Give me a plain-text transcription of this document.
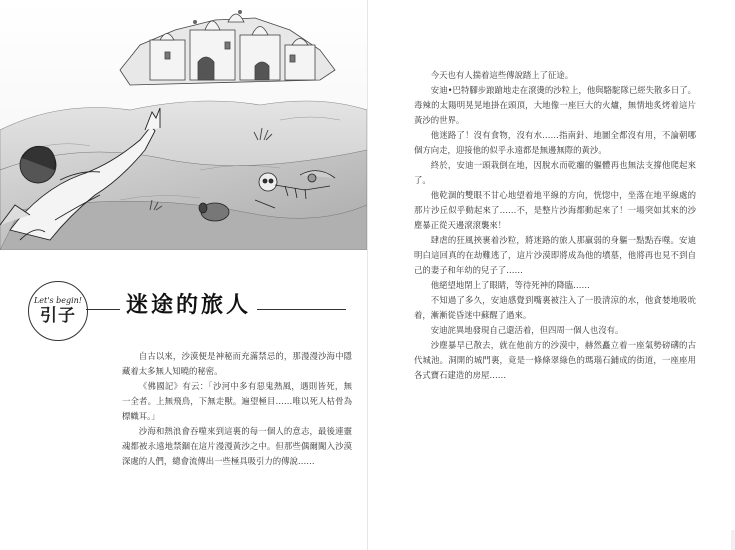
Let's begin!
引子 迷途的旅人

自古以來，沙漠便是神秘而充滿禁忌的，那漫漫沙海中隱藏着太多無人知曉的秘密。

《佛國記》有云：「沙河中多有惡鬼熱風，遇則皆死，無一全者。上無飛鳥，下無走獸。遍望極目……唯以死人枯骨為標幟耳。」

沙海和熱浪會吞噬來到這裏的每一個人的意志，最後連靈魂都被永遠地禁錮在這片漫漫黃沙之中。但那些偶爾闖入沙漠深處的人們，總會流傳出一些極具吸引力的傳說……

今天也有人揣着這些傳說踏上了征途。

安迪•巴特腳步踉蹌地走在滾燙的沙粒上，他與駱駝隊已經失散多日了。毒辣的太陽明晃晃地掛在頭頂，大地像一座巨大的火爐，無情地炙烤着這片黃沙的世界。

他迷路了！沒有食物，沒有水……指南針、地圖全都沒有用，不論朝哪個方向走，迎接他的似乎永遠都是無邊無際的黃沙。

終於，安迪一頭栽倒在地，因脫水而乾癟的軀體再也無法支撐他爬起來了。

他乾涸的雙眼不甘心地望着地平線的方向，恍惚中，坐落在地平線處的那片沙丘似乎動起來了……不，是整片沙海都動起來了！一場突如其來的沙塵暴正從天邊滾滾襲來！

肆虐的狂風挾裹着沙粒，將迷路的旅人那羸弱的身軀一點點吞噬。安迪明白這回真的在劫難逃了，這片沙漠即將成為他的墳墓，他將再也見不到自己的妻子和年幼的兒子了……

他絕望地閉上了眼睛，等待死神的降臨……

不知過了多久，安迪感覺到嘴裏被注入了一股清涼的水，他貪婪地吸吮着，漸漸從昏迷中蘇醒了過來。

安迪詫異地發現自己還活着，但四周一個人也沒有。

沙塵暴早已散去，就在他前方的沙漠中，赫然矗立着一座氣勢磅礴的古代城池。洞開的城門裏，竟是一條條翠綠色的瑪瑙石鋪成的街道，一座座用各式寶石建造的房屋……
